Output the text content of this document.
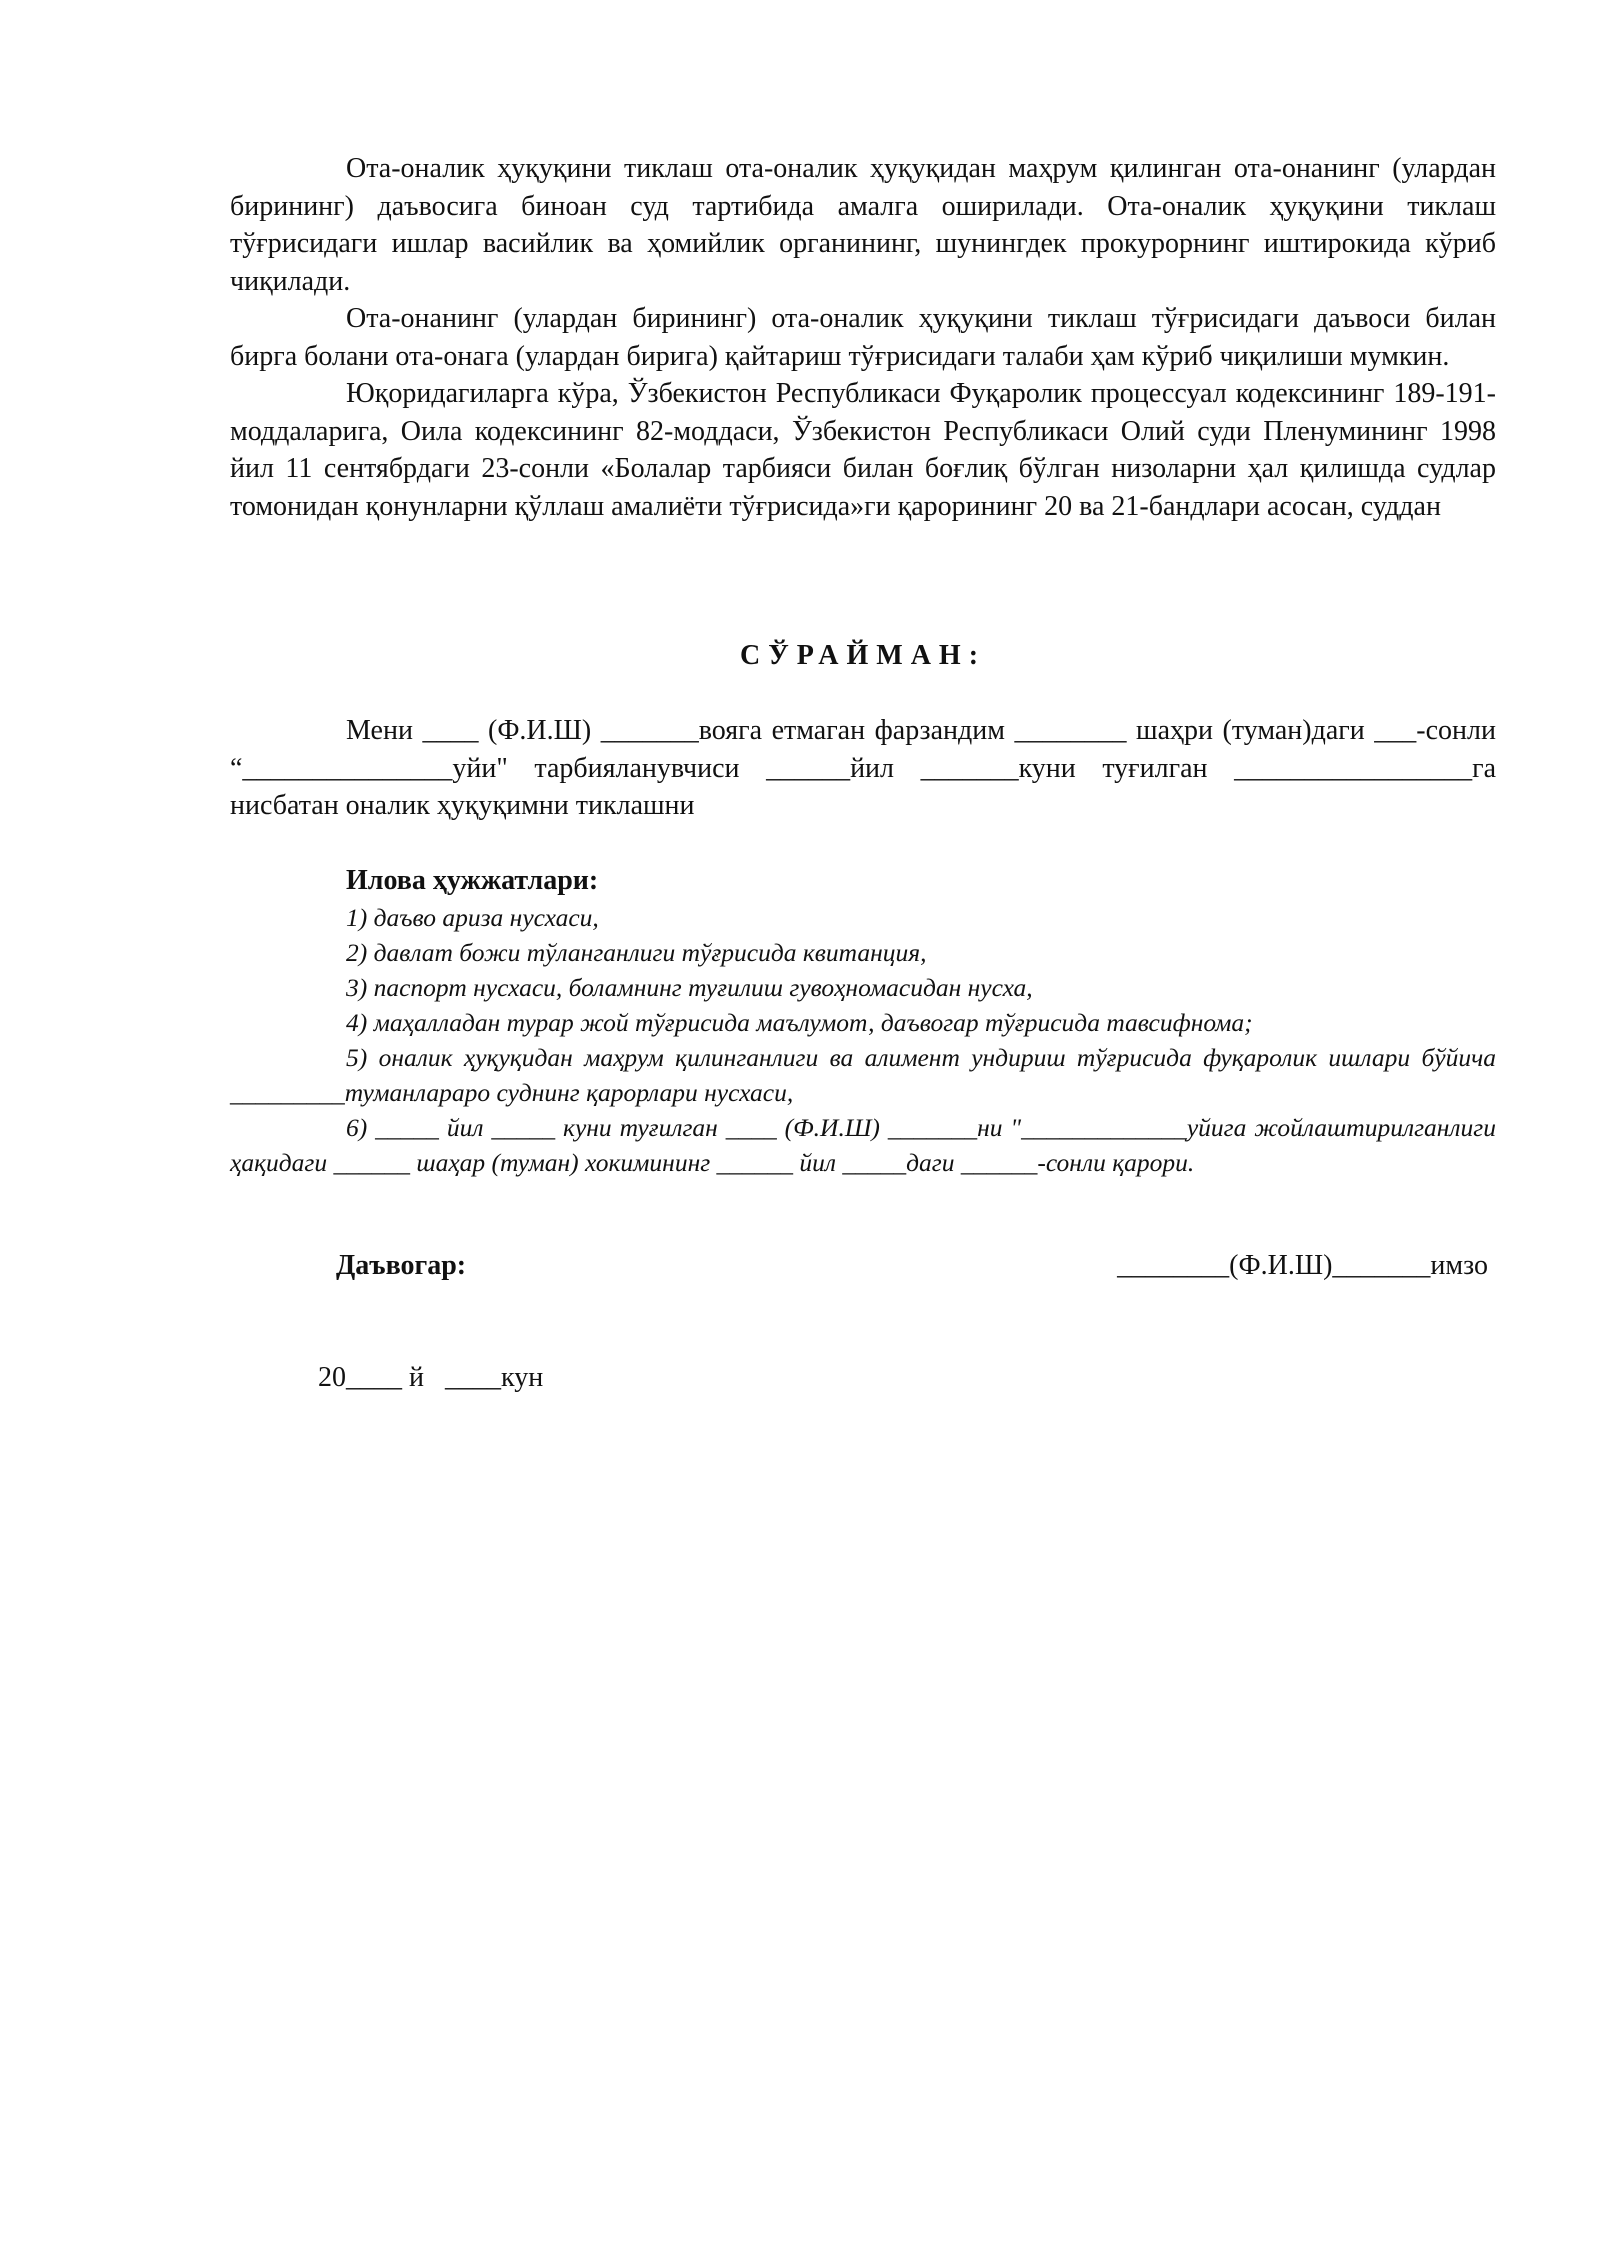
Ота-оналик ҳуқуқини тиклаш ота-оналик ҳуқуқидан маҳрум қилинган ота-онанинг (улардан бирининг) даъвосига биноан суд тартибида амалга оширилади. Ота-оналик ҳуқуқини тиклаш тўғрисидаги ишлар васийлик ва ҳомийлик органининг, шунингдек прокурорнинг иштирокида кўриб чиқилади.

Ота-онанинг (улардан бирининг) ота-оналик ҳуқуқини тиклаш тўғрисидаги даъвоси билан бирга болани ота-онага (улардан бирига) қайтариш тўғрисидаги талаби ҳам кўриб чиқилиши мумкин.

Юқоридагиларга кўра, Ўзбекистон Республикаси Фуқаролик процессуал кодексининг 189-191-моддаларига, Оила кодексининг 82-моддаси, Ўзбекистон Республикаси Олий суди Пленумининг 1998 йил 11 сентябрдаги 23-сонли «Болалар тарбияси билан боғлиқ бўлган низоларни ҳал қилишда судлар томонидан қонунларни қўллаш амалиёти тўғрисида»ги қарорининг 20 ва 21-бандлари асосан, суддан

СЎРАЙМАН:

Мени ____ (Ф.И.Ш) _______вояга етмаган фарзандим ________ шаҳри (туман)даги ___-сонли “_______________уйи" тарбияланувчиси ______йил _______куни туғилган _________________га нисбатан оналик ҳуқуқимни тиклашни

Илова ҳужжатлари:

1) даъво ариза нусхаси,

2) давлат божи тўланганлиги тўғрисида квитанция,

3) паспорт нусхаси, боламнинг туғилиш гувоҳномасидан нусха,

4) маҳалладан турар жой тўғрисида маълумот, даъвогар тўғрисида тавсифнома;

5) оналик ҳуқуқидан маҳрум қилинганлиги ва алимент ундириш тўғрисида фуқаролик ишлари бўйича _________туманлараро суднинг қарорлари нусхаси,

6) _____ йил _____ куни туғилган ____ (Ф.И.Ш) _______ни "_____________уйига жойлаштирилганлиги ҳақидаги ______ шаҳар (туман) хокимининг ______ йил _____даги ______-сонли қарори.

Даъвогар:	________(Ф.И.Ш)_______имзо
20____ й   ____кун
